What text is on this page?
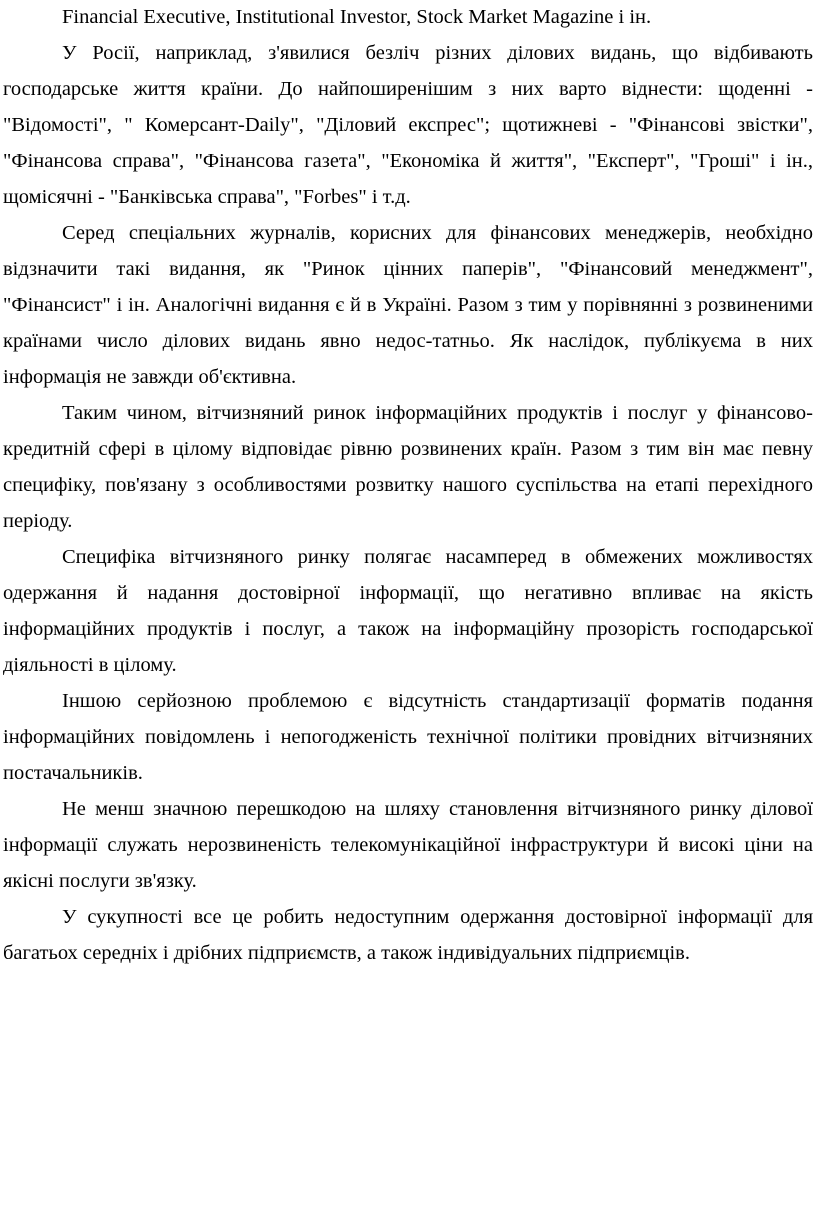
Financial Executive, Institutional Investor, Stock Market Magazine і ін.

У Росії, наприклад, з'явилися безліч різних ділових видань, що відбивають господарське життя країни. До найпоширенішим з них варто віднести: щоденні - "Відомості", " Комерсант-Daily", "Діловий експрес"; щотижневі - "Фінансові звістки", "Фінансова справа", "Фінансова газета", "Економіка й життя", "Експерт", "Гроші" і ін., щомісячні - "Банківська справа", "Forbes" і т.д.

Серед спеціальних журналів, корисних для фінансових менеджерів, необхідно відзначити такі видання, як "Ринок цінних паперів", "Фінансовий менеджмент", "Фінансист" і ін. Аналогічні видання є й в Україні. Разом з тим у порівнянні з розвиненими країнами число ділових видань явно недос-татньо. Як наслідок, публікуєма в них інформація не завжди об'єктивна.

Таким чином, вітчизняний ринок інформаційних продуктів і послуг у фінансово-кредитній сфері в цілому відповідає рівню розвинених країн. Разом з тим він має певну специфіку, пов'язану з особливостями розвитку нашого суспільства на етапі перехідного періоду.

Специфіка вітчизняного ринку полягає насамперед в обмежених можливостях одержання й надання достовірної інформації, що негативно впливає на якість інформаційних продуктів і послуг, а також на інформаційну прозорість господарської діяльності в цілому.

Іншою серйозною проблемою є відсутність стандартизації форматів подання інформаційних повідомлень і непогодженість технічної політики провідних вітчизняних постачальників.

Не менш значною перешкодою на шляху становлення вітчизняного ринку ділової інформації служать нерозвиненість телекомунікаційної інфраструктури й високі ціни на якісні послуги зв'язку.

У сукупності все це робить недоступним одержання достовірної інформації для багатьох середніх і дрібних підприємств, а також індивідуальних підприємців.
